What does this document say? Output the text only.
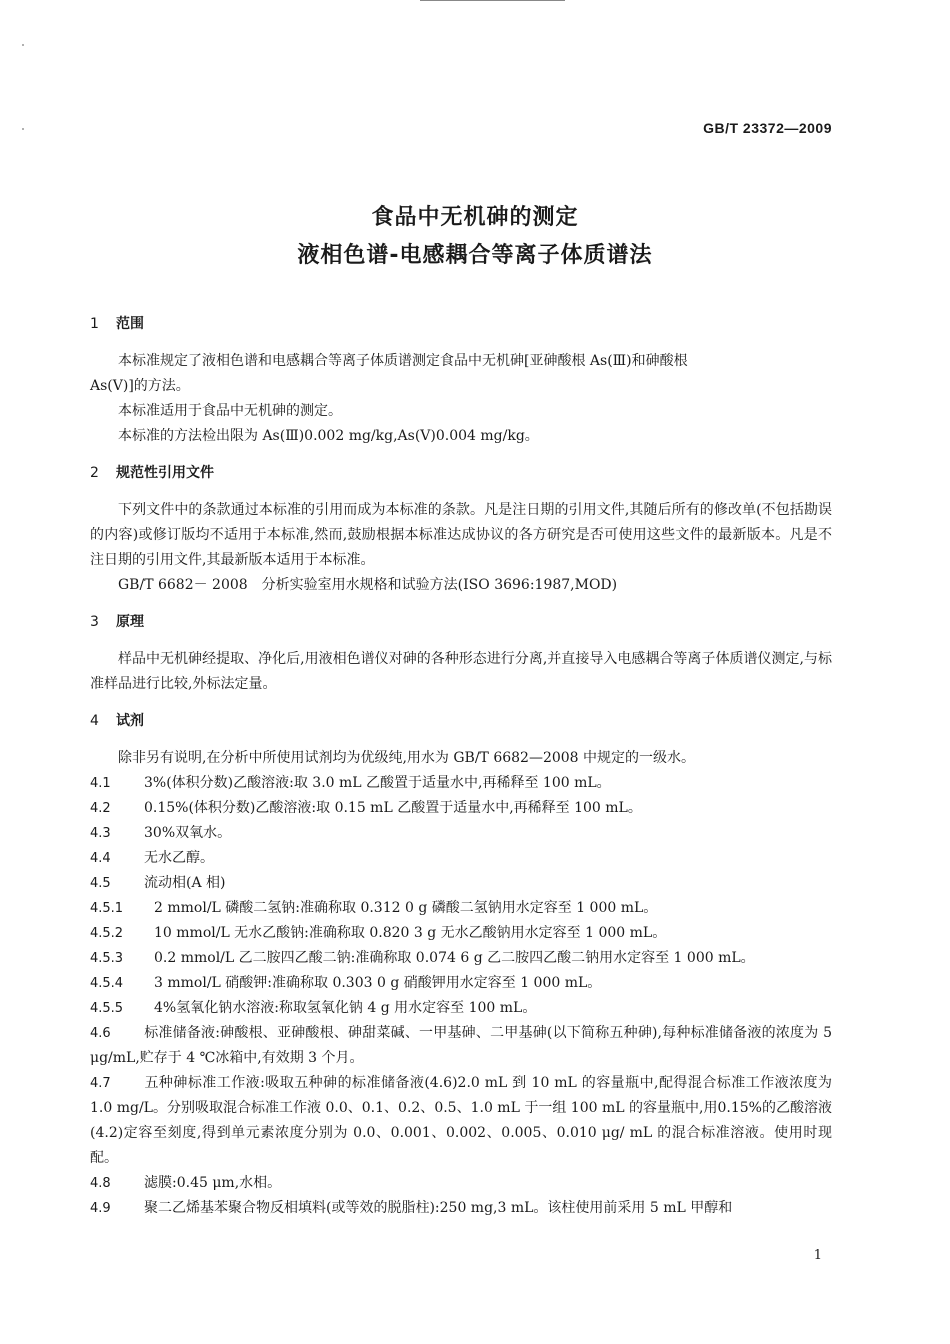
GB/T 23372—2009
食品中无机砷的测定
液相色谱-电感耦合等离子体质谱法

1 范围

本标准规定了液相色谱和电感耦合等离子体质谱测定食品中无机砷[亚砷酸根 As(Ⅲ)和砷酸根

As(Ⅴ)]的方法。

本标准适用于食品中无机砷的测定。

本标准的方法检出限为 As(Ⅲ)0.002 mg/kg,As(Ⅴ)0.004 mg/kg。

2 规范性引用文件

下列文件中的条款通过本标准的引用而成为本标准的条款。凡是注日期的引用文件,其随后所有的修改单(不包括勘误的内容)或修订版均不适用于本标准,然而,鼓励根据本标准达成协议的各方研究是否可使用这些文件的最新版本。凡是不注日期的引用文件,其最新版本适用于本标准。

GB/T 6682－ 2008　分析实验室用水规格和试验方法(ISO 3696:1987,MOD)

3 原理

样品中无机砷经提取、净化后,用液相色谱仪对砷的各种形态进行分离,并直接导入电感耦合等离子体质谱仪测定,与标准样品进行比较,外标法定量。

4 试剂

除非另有说明,在分析中所使用试剂均为优级纯,用水为 GB/T 6682—2008 中规定的一级水。

4.1 3%(体积分数)乙酸溶液:取 3.0 mL 乙酸置于适量水中,再稀释至 100 mL。

4.2 0.15%(体积分数)乙酸溶液:取 0.15 mL 乙酸置于适量水中,再稀释至 100 mL。

4.3 30%双氧水。

4.4 无水乙醇。

4.5 流动相(A 相)

4.5.1 2 mmol/L 磷酸二氢钠:准确称取 0.312 0 g 磷酸二氢钠用水定容至 1 000 mL。

4.5.2 10 mmol/L 无水乙酸钠:准确称取 0.820 3 g 无水乙酸钠用水定容至 1 000 mL。

4.5.3 0.2 mmol/L 乙二胺四乙酸二钠:准确称取 0.074 6 g 乙二胺四乙酸二钠用水定容至 1 000 mL。

4.5.4 3 mmol/L 硝酸钾:准确称取 0.303 0 g 硝酸钾用水定容至 1 000 mL。

4.5.5 4%氢氧化钠水溶液:称取氢氧化钠 4 g 用水定容至 100 mL。

4.6 标准储备液:砷酸根、亚砷酸根、砷甜菜碱、一甲基砷、二甲基砷(以下简称五种砷),每种标准储备液的浓度为 5 μg/mL,贮存于 4 ℃冰箱中,有效期 3 个月。

4.7 五种砷标准工作液:吸取五种砷的标准储备液(4.6)2.0 mL 到 10 mL 的容量瓶中,配得混合标准工作液浓度为1.0 mg/L。分别吸取混合标准工作液 0.0、0.1、0.2、0.5、1.0 mL 于一组 100 mL 的容量瓶中,用0.15%的乙酸溶液(4.2)定容至刻度,得到单元素浓度分别为 0.0、0.001、0.002、0.005、0.010 μg/ mL 的混合标准溶液。使用时现配。

4.8 滤膜:0.45 μm,水相。

4.9 聚二乙烯基苯聚合物反相填料(或等效的脱脂柱):250 mg,3 mL。该柱使用前采用 5 mL 甲醇和

1
